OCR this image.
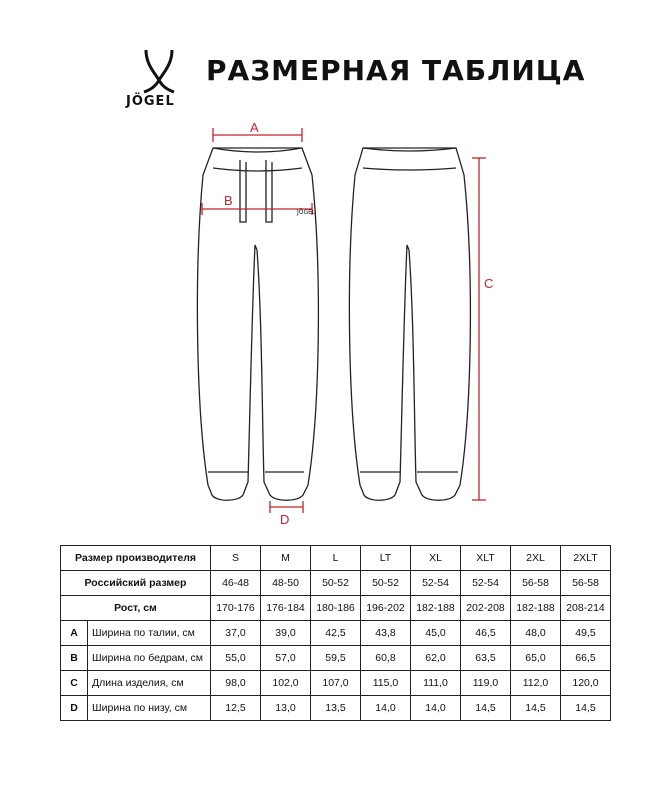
JÖGEL
РАЗМЕРНАЯ ТАБЛИЦА
JÖGEL
A
B
C
D
Размер производителя		S	M	L	LT	XL	XLT	2XL	2XLT
Российский размер		46-48	48-50	50-52	50-52	52-54	52-54	56-58	56-58
Рост, см		170-176	176-184	180-186	196-202	182-188	202-208	182-188	208-214
A	Ширина по талии, см	37,0	39,0	42,5	43,8	45,0	46,5	48,0	49,5
B	Ширина по бедрам, см	55,0	57,0	59,5	60,8	62,0	63,5	65,0	66,5
C	Длина изделия, см	98,0	102,0	107,0	115,0	111,0	119,0	112,0	120,0
D	Ширина по низу, см	12,5	13,0	13,5	14,0	14,0	14,5	14,5	14,5
